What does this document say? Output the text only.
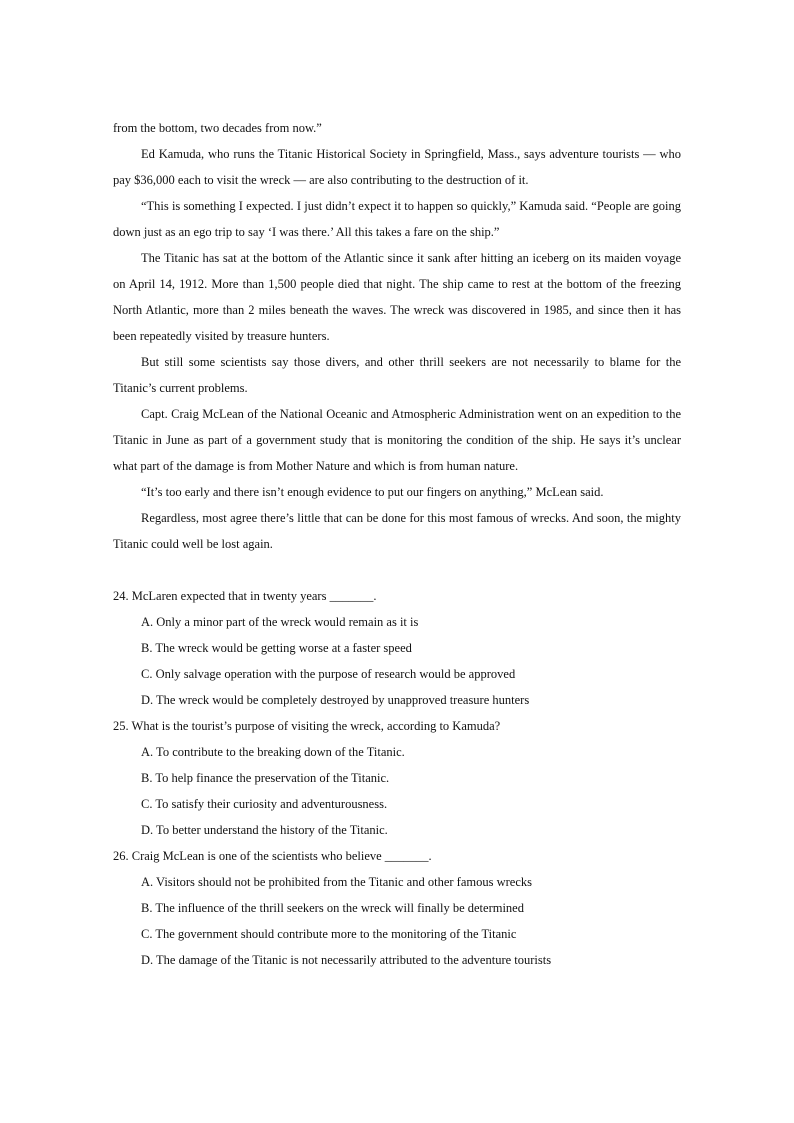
from the bottom, two decades from now.”

Ed Kamuda, who runs the Titanic Historical Society in Springfield, Mass., says adventure tourists — who pay $36,000 each to visit the wreck — are also contributing to the destruction of it.

“This is something I expected. I just didn’t expect it to happen so quickly,” Kamuda said. “People are going down just as an ego trip to say ‘I was there.’ All this takes a fare on the ship.”

The Titanic has sat at the bottom of the Atlantic since it sank after hitting an iceberg on its maiden voyage on April 14, 1912. More than 1,500 people died that night. The ship came to rest at the bottom of the freezing North Atlantic, more than 2 miles beneath the waves. The wreck was discovered in 1985, and since then it has been repeatedly visited by treasure hunters.

But still some scientists say those divers, and other thrill seekers are not necessarily to blame for the Titanic’s current problems.

Capt. Craig McLean of the National Oceanic and Atmospheric Administration went on an expedition to the Titanic in June as part of a government study that is monitoring the condition of the ship. He says it’s unclear what part of the damage is from Mother Nature and which is from human nature.

“It’s too early and there isn’t enough evidence to put our fingers on anything,” McLean said.

Regardless, most agree there’s little that can be done for this most famous of wrecks. And soon, the mighty Titanic could well be lost again.

24. McLaren expected that in twenty years _______.

A. Only a minor part of the wreck would remain as it is

B. The wreck would be getting worse at a faster speed

C. Only salvage operation with the purpose of research would be approved

D. The wreck would be completely destroyed by unapproved treasure hunters

25. What is the tourist’s purpose of visiting the wreck, according to Kamuda?

A. To contribute to the breaking down of the Titanic.

B. To help finance the preservation of the Titanic.

C. To satisfy their curiosity and adventurousness.

D. To better understand the history of the Titanic.

26. Craig McLean is one of the scientists who believe _______.

A. Visitors should not be prohibited from the Titanic and other famous wrecks

B. The influence of the thrill seekers on the wreck will finally be determined

C. The government should contribute more to the monitoring of the Titanic

D. The damage of the Titanic is not necessarily attributed to the adventure tourists
